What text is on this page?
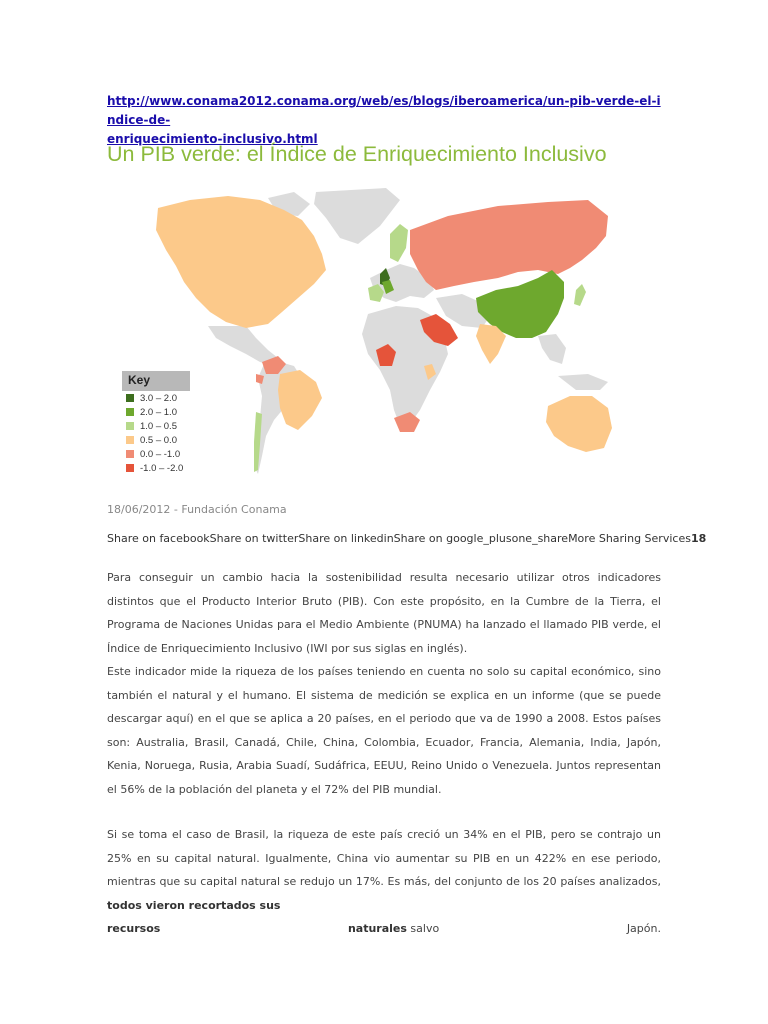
http://www.conama2012.conama.org/web/es/blogs/iberoamerica/un-pib-verde-el-indice-de-
enriquecimiento-inclusivo.html
Un PIB verde: el Índice de Enriquecimiento Inclusivo
Key
3.0 – 2.0
2.0 – 1.0
1.0 – 0.5
0.5 – 0.0
0.0 – -1.0
-1.0 – -2.0
18/06/2012 - Fundación Conama
Share on facebookShare on twitterShare on linkedinShare on google_plusone_shareMore Sharing Services18
Para conseguir un cambio hacia la sostenibilidad resulta necesario utilizar otros indicadores distintos que el Producto Interior Bruto (PIB). Con este propósito, en la Cumbre de la Tierra, el Programa de Naciones Unidas para el Medio Ambiente (PNUMA) ha lanzado el llamado PIB verde, el Índice de Enriquecimiento Inclusivo (IWI por sus siglas en inglés).
Este indicador mide la riqueza de los países teniendo en cuenta no solo su capital económico, sino también el natural y el humano. El sistema de medición se explica en un informe (que se puede descargar aquí) en el que se aplica a 20 países, en el periodo que va de 1990 a 2008. Estos países son: Australia, Brasil, Canadá, Chile, China, Colombia, Ecuador, Francia, Alemania, India, Japón, Kenia, Noruega, Rusia, Arabia Suadí, Sudáfrica, EEUU, Reino Unido o Venezuela. Juntos representan el 56% de la población del planeta y el 72% del PIB mundial.
Si se toma el caso de Brasil, la riqueza de este país creció un 34% en el PIB, pero se contrajo un 25% en su capital natural. Igualmente, China vio aumentar su PIB en un 422% en ese periodo, mientras que su capital natural se redujo un 17%. Es más, del conjunto de los 20 países analizados, todos vieron recortados sus
recursos	naturales salvo	Japón.
